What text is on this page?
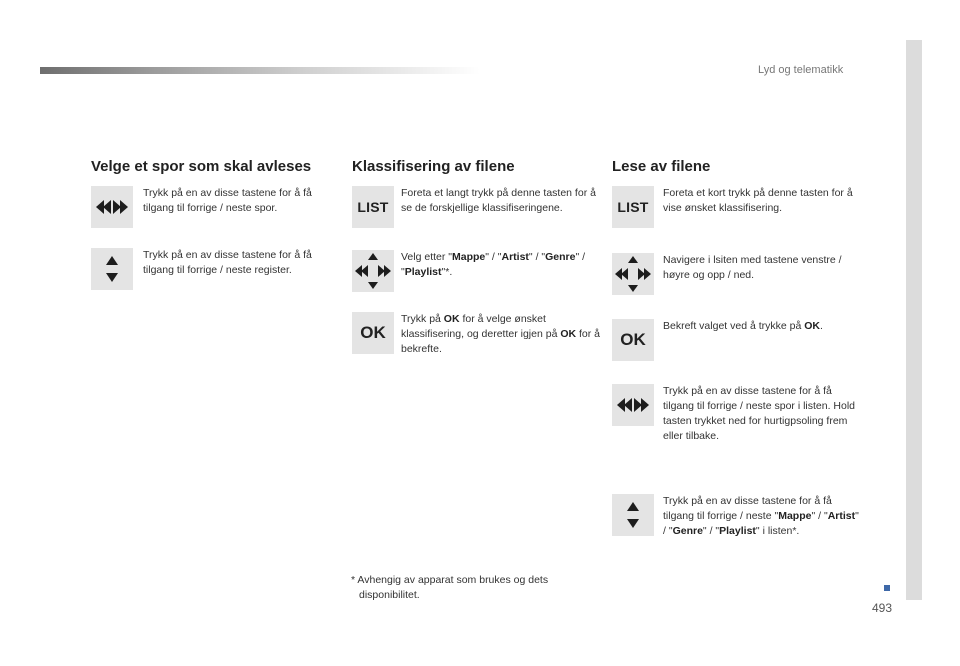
Lyd og telematikk
493
Velge et spor som skal avleses
Trykk på en av disse tastene for å få tilgang til forrige / neste spor.
Trykk på en av disse tastene for å få tilgang til forrige / neste register.
Klassifisering av filene
LIST
Foreta et langt trykk på denne tasten for å se de forskjellige klassifiseringene.
Velg etter "Mappe" / "Artist" / "Genre" / "Playlist"*.
OK
Trykk på OK for å velge ønsket klassifisering, og deretter igjen på OK for å bekrefte.
Lese av filene
LIST
Foreta et kort trykk på denne tasten for å vise ønsket klassifisering.
Navigere i lsiten med tastene venstre / høyre og opp / ned.
OK
Bekreft valget ved å trykke på OK.
Trykk på en av disse tastene for å få tilgang til forrige / neste spor i listen. Hold tasten trykket ned for hurtigpsoling frem eller tilbake.
Trykk på en av disse tastene for å få tilgang til forrige / neste "Mappe" / "Artist" / "Genre" / "Playlist" i listen*.
* Avhengig av apparat som brukes og dets
disponibilitet.
